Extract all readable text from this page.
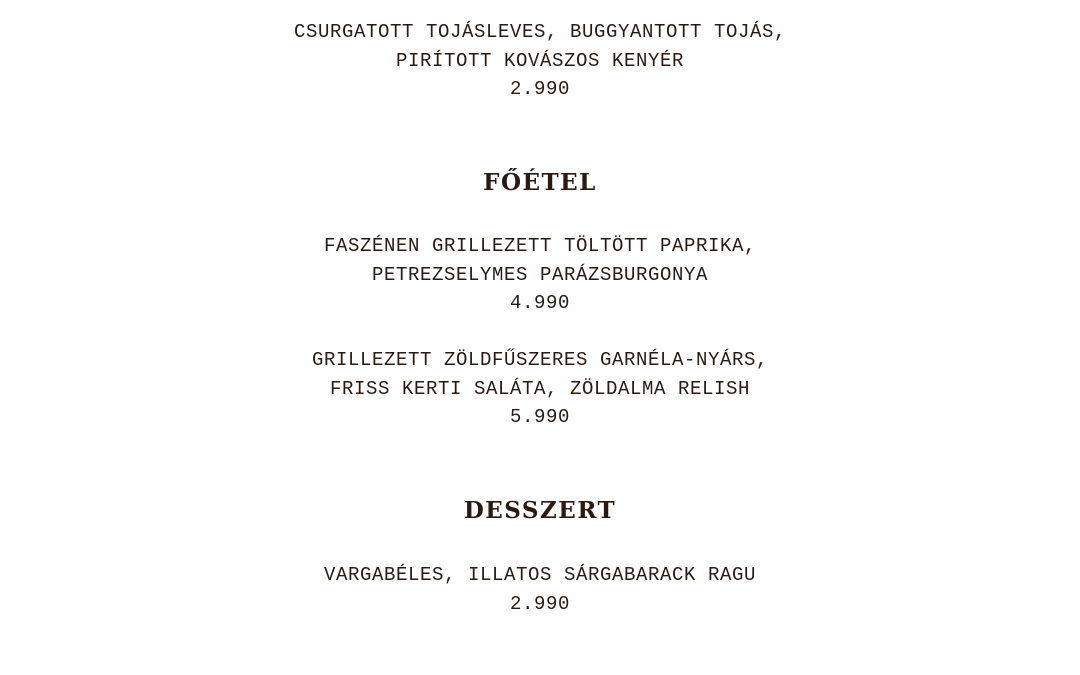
CSURGATOTT TOJÁSLEVES, BUGGYANTOTT TOJÁS,
PIRÍTOTT KOVÁSZOS KENYÉR
2.990
FŐÉTEL
FASZÉNEN GRILLEZETT TÖLTÖTT PAPRIKA,
PETREZSELYMES PARÁZSBURGONYA
4.990
GRILLEZETT ZÖLDFŰSZERES GARNÉLA-NYÁRS,
FRISS KERTI SALÁTA, ZÖLDALMA RELISH
5.990
DESSZERT
VARGABÉLES, ILLATOS SÁRGABARACK RAGU
2.990
